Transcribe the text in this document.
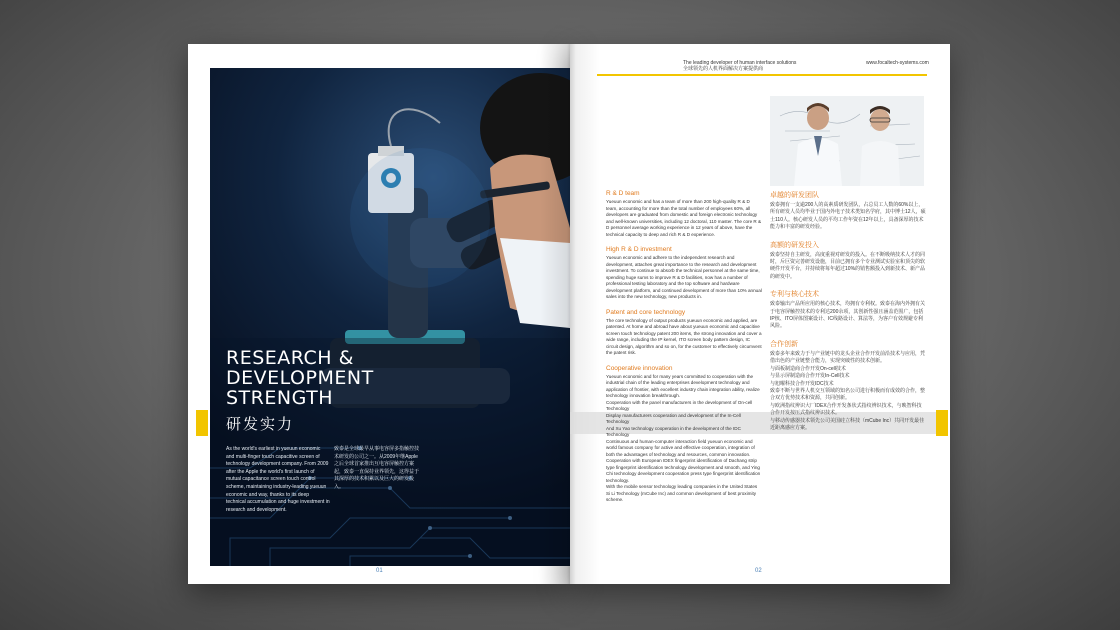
RESEARCH &
DEVELOPMENT
STRENGTH
研发实力
As the world's earliest in yueuun economic and multi-finger touch capacitive screen of technology development company. From 2009 after the Apple the world's first launch of mutual capacitance screen touch control scheme, maintaining industry-leading yueuun economic and way, thanks to its deep technical accumulation and huge investment in research and development.
致泰是全球最早从事电容屏多指触控技术研发的公司之一。从2009年继Apple之后全球首家推出互电容屏触控方案起，致泰一直保持业界领先，这得益于其深厚的技术积累以及巨大的研发投入。
01
The leading developer of human interface solutions
全球领先的人机界面解决方案提供商
www.focaltech-systems.com
R & D team
Yueuun economic and has a team of more than 200 high-quality R & D team, accounting for more than the total number of employees 60%, all developers are graduated from domestic and foreign electronic technology and well-known universities, including 12 doctoral, 110 master. The core R & D personnel average working experience in 12 years of above, have the technical capacity to deep and rich R & D experience.
High R & D investment
Yueuun economic and adhere to the independent research and development, attaches great importance to the research and development investment. To continue to absorb the technical personnel at the same time, spending huge sums to improve R & D facilities, now has a number of professional testing laboratory and the top software and hardware development platform, and continued development of more than 10% annual sales into the new technology, new products in.
Patent and core technology
The core technology of output products yueuun economic and applied, are patented. At home and abroad have about yueuun economic and capacitive screen touch technology patent 200 items, the strong innovation and cover a wide range, including the IP kernel, ITO screen body pattern design, IC circuit design, algorithm and so on, for the customer to effectively circumvent the patent risk.
Cooperative innovation
Yueuun economic and for many years committed to cooperation with the industrial chain of the leading enterprises development technology and application of frontier, with excellent industry chain integration ability, realize technology innovation breakthrough.
Cooperation with the panel manufacturers in the development of On-cell Technology
Display manufacturers cooperation and development of the In-Cell Technology
And Xu Yao technology cooperation in the development of the IDC Technology
Continuous and human-computer interaction field yueuun economic and world famous company for active and effective cooperation, integration of both the advantages of technology and resources, common innovation.
Cooperation with European IDEX fingerprint identification of Dachang strip type fingerprint identification technology development and smooth, and Ying Chi technology development cooperation press type fingerprint identification technology.
With the mobile sensor technology leading companies in the United States Si Li Technology (mCube Inc) and common development of best proximity scheme.
卓越的研发团队
致泰拥有一支逾200人的高素质研发团队，占总员工人数的60%以上，所有研发人员均毕业于国内外电子技术类知名学府，其中博士12人，硕士110人。核心研发人员的平均工作年资在12年以上，具备深厚的技术能力和丰富的研发经验。
高额的研发投入
致泰坚持自主研发，高度重视对研发的投入。在不断吸纳技术人才的同时，斥巨资完善研发设施，目前已拥有多个专业测试实验室和顶尖的软硬件开发平台，并持续将每年超过10%的销售额投入到新技术、新产品的研发中。
专利与核心技术
致泰输出产品所应用的核心技术，均拥有专利权。致泰在海内外拥有关于电容屏触控技术的专利达200余项，其创新性强且涵盖范围广，包括IP核、ITO屏体图案设计、IC线路设计、算法等，为客户有效规避专利风险。
合作创新
致泰多年来致力于与产业链中的龙头企业合作开发前沿技术与应用，凭借出色的产业链整合能力，实现突破性的技术创新。
与面板制造商合作开发On-cell技术
与显示屏制造商合作开发In-Cell技术
与旭曜科技合作开发IDC技术
致泰不断与世界人机交互领域的知名公司进行积极而有成效的合作，整合双方优势技术和资源，共同创新。
与欧洲指纹辨识大厂IDEX合作开发条状式指纹辨识技术，与映智科技合作开发按压式指纹辨识技术。
与移动传感器技术领先公司美国硅立科技（mCube Inc）共同开发最佳近距离感应方案。
02
